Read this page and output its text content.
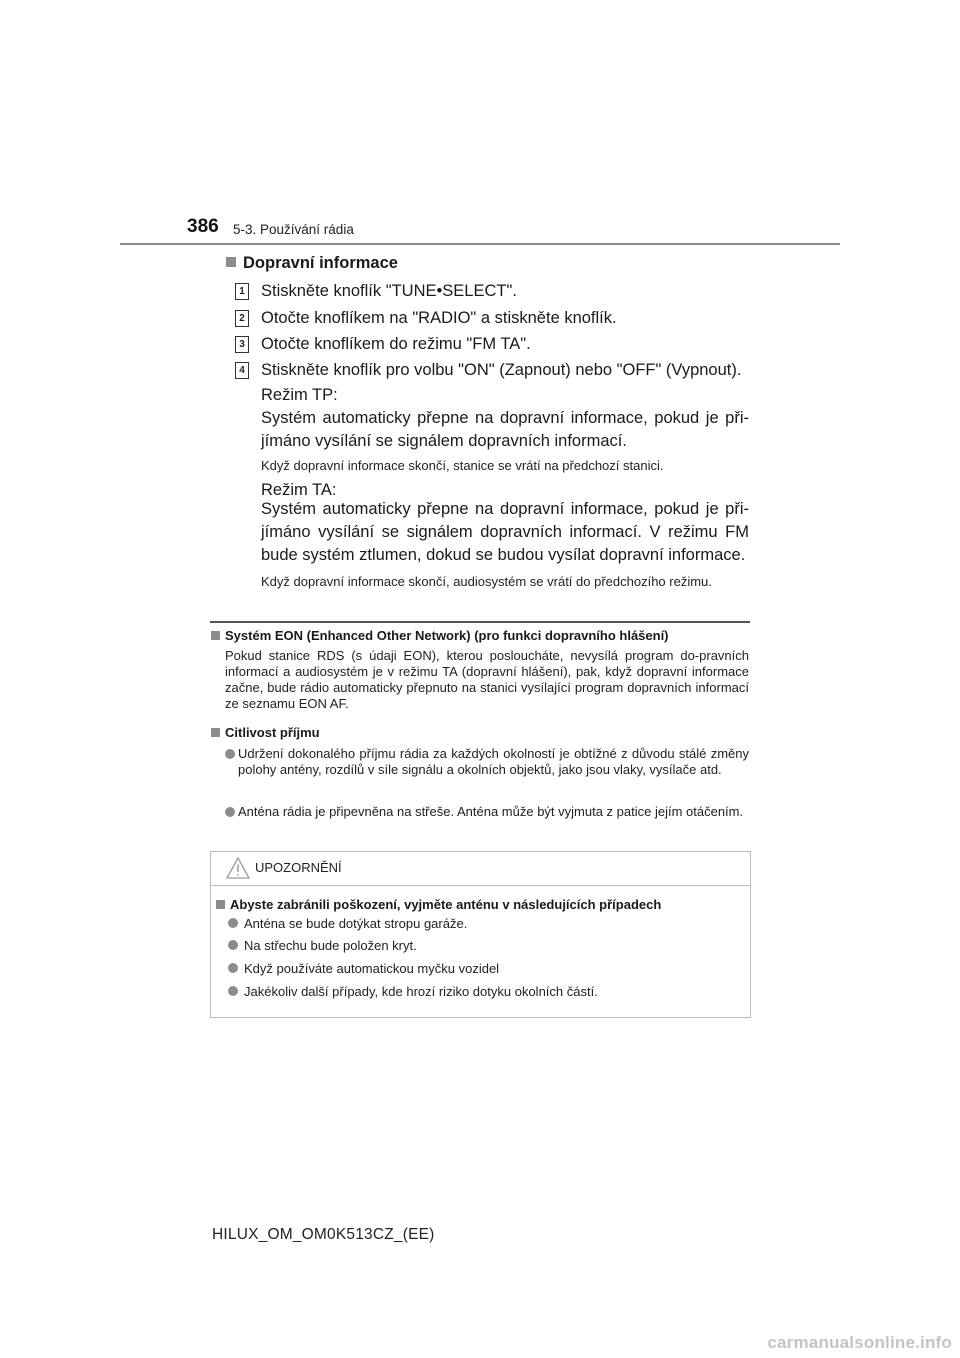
386 5-3. Používání rádia
Dopravní informace
1 Stiskněte knoflík "TUNE•SELECT".
2 Otočte knoflíkem na "RADIO" a stiskněte knoflík.
3 Otočte knoflíkem do režimu "FM TA".
4 Stiskněte knoflík pro volbu "ON" (Zapnout) nebo "OFF" (Vypnout).
Režim TP:
Systém automaticky přepne na dopravní informace, pokud je při-jímáno vysílání se signálem dopravních informací.
Když dopravní informace skončí, stanice se vrátí na předchozí stanici.
Režim TA:
Systém automaticky přepne na dopravní informace, pokud je při-jímáno vysílání se signálem dopravních informací. V režimu FM bude systém ztlumen, dokud se budou vysílat dopravní informace.
Když dopravní informace skončí, audiosystém se vrátí do předchozího režimu.
Systém EON (Enhanced Other Network) (pro funkci dopravního hlášení)
Pokud stanice RDS (s údaji EON), kterou posloucháte, nevysílá program do-pravních informací a audiosystém je v režimu TA (dopravní hlášení), pak, když dopravní informace začne, bude rádio automaticky přepnuto na stanici vysílající program dopravních informací ze seznamu EON AF.
Citlivost příjmu
Udržení dokonalého příjmu rádia za každých okolností je obtížné z důvodu stálé změny polohy antény, rozdílů v síle signálu a okolních objektů, jako jsou vlaky, vysílače atd.
Anténa rádia je připevněna na střeše. Anténa může být vyjmuta z patice jejím otáčením.
UPOZORNĚNÍ
Abyste zabránili poškození, vyjměte anténu v následujících případech
Anténa se bude dotýkat stropu garáže.
Na střechu bude položen kryt.
Když používáte automatickou myčku vozidel
Jakékoliv další případy, kde hrozí riziko dotyku okolních částí.
HILUX_OM_OM0K513CZ_(EE)
carmanualsonline.info
